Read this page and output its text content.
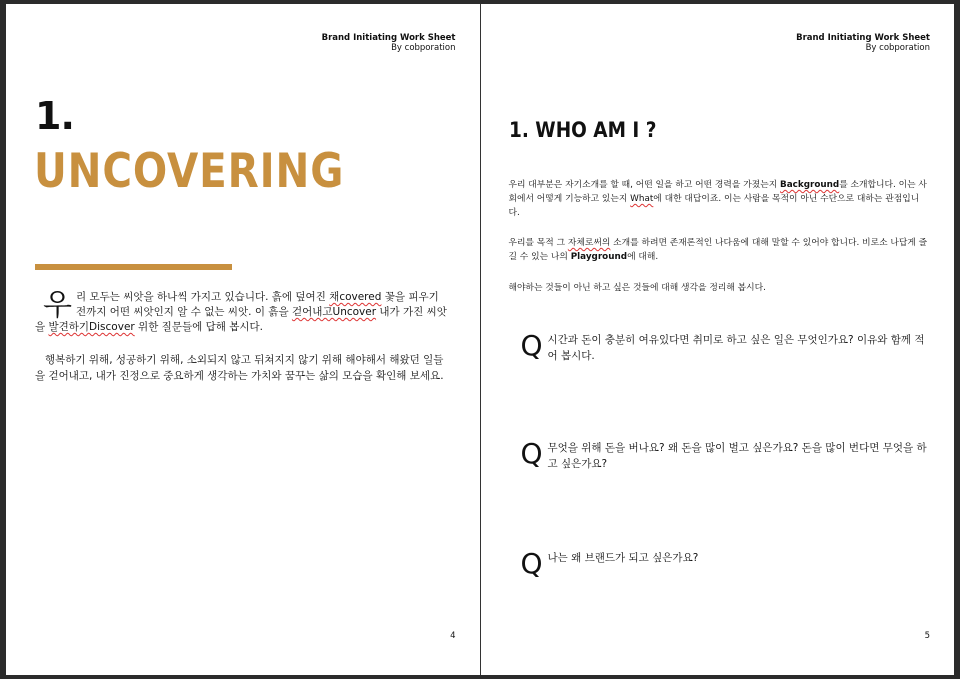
Brand Initiating Work Sheet
By cobporation
1.
UNCOVERING
우리 모두는 씨앗을 하나씩 가지고 있습니다. 흙에 덮여진 채covered 꽃을 피우기 전까지 어떤 씨앗인지 알 수 없는 씨앗. 이 흙을 걷어내고Uncover 내가 가진 씨앗을 발견하기Discover 위한 질문들에 답해 봅시다.
행복하기 위해, 성공하기 위해, 소외되지 않고 뒤쳐지지 않기 위해 해야해서 해왔던 일들을 걷어내고, 내가 진정으로 중요하게 생각하는 가치와 꿈꾸는 삶의 모습을 확인해 보세요.
4
Brand Initiating Work Sheet
By cobporation
1. WHO AM I ?
우리 대부분은 자기소개를 할 때, 어떤 일을 하고 어떤 경력을 가졌는지 Background를 소개합니다. 이는 사회에서 어떻게 기능하고 있는지 What에 대한 대답이죠. 이는 사람을 목적이 아닌 수단으로 대하는 관점입니다.
우리를 목적 그 자체로써의 소개를 하려면 존재론적인 나다움에 대해 말할 수 있어야 합니다. 비로소 나답게 즐길 수 있는 나의 Playground에 대해.
해야하는 것들이 아닌 하고 싶은 것들에 대해 생각을 정리해 봅시다.
Q 시간과 돈이 충분히 여유있다면 취미로 하고 싶은 일은 무엇인가요? 이유와 함께 적어 봅시다.
Q 무엇을 위해 돈을 버나요? 왜 돈을 많이 벌고 싶은가요? 돈을 많이 번다면 무엇을 하고 싶은가요?
Q 나는 왜 브랜드가 되고 싶은가요?
5
